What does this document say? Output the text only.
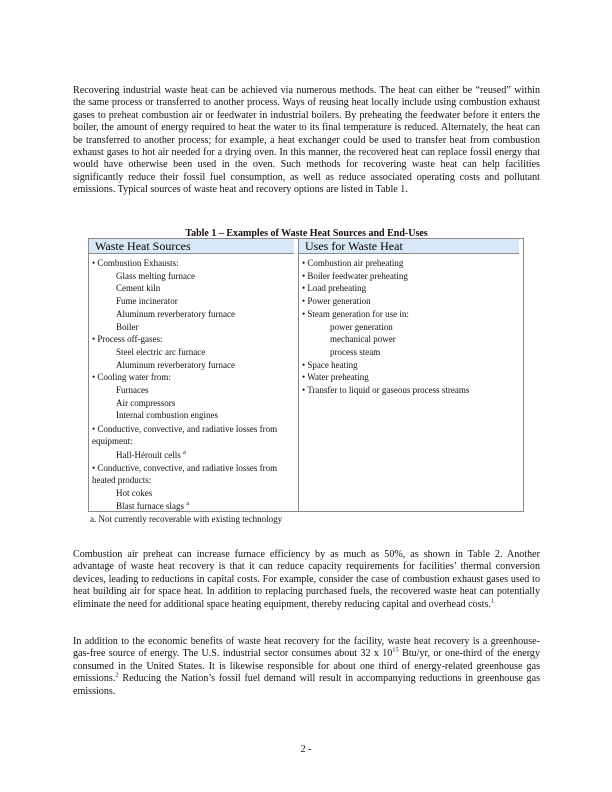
Recovering industrial waste heat can be achieved via numerous methods. The heat can either be “reused” within the same process or transferred to another process. Ways of reusing heat locally include using combustion exhaust gases to preheat combustion air or feedwater in industrial boilers. By preheating the feedwater before it enters the boiler, the amount of energy required to heat the water to its final temperature is reduced. Alternately, the heat can be transferred to another process; for example, a heat exchanger could be used to transfer heat from combustion exhaust gases to hot air needed for a drying oven. In this manner, the recovered heat can replace fossil energy that would have otherwise been used in the oven. Such methods for recovering waste heat can help facilities significantly reduce their fossil fuel consumption, as well as reduce associated operating costs and pollutant emissions. Typical sources of waste heat and recovery options are listed in Table 1.

Table 1 – Examples of Waste Heat Sources and End-Uses

Waste Heat Sources
• Combustion Exhausts:
Glass melting furnace
Cement kiln
Fume incinerator
Aluminum reverberatory furnace
Boiler
• Process off-gases:
Steel electric arc furnace
Aluminum reverberatory furnace
• Cooling water from:
Furnaces
Air compressors
Internal combustion engines
• Conductive, convective, and radiative losses from equipment:
Hall-Héroult cells $^a$
• Conductive, convective, and radiative losses from heated products:
Hot cokes
Blast furnace slags $^a$
Uses for Waste Heat
• Combustion air preheating
• Boiler feedwater preheating
• Load preheating
• Power generation
• Steam generation for use in:
power generation
mechanical power
process steam
• Space heating
• Water preheating
• Transfer to liquid or gaseous process streams

a. Not currently recoverable with existing technology

Combustion air preheat can increase furnace efficiency by as much as 50%, as shown in Table 2. Another advantage of waste heat recovery is that it can reduce capacity requirements for facilities’ thermal conversion devices, leading to reductions in capital costs. For example, consider the case of combustion exhaust gases used to heat building air for space heat. In addition to replacing purchased fuels, the recovered waste heat can potentially eliminate the need for additional space heating equipment, thereby reducing capital and overhead costs.$^1$

In addition to the economic benefits of waste heat recovery for the facility, waste heat recovery is a greenhouse-gas-free source of energy. The U.S. industrial sector consumes about 32 x $10^{15}$ Btu/yr, or one-third of the energy consumed in the United States. It is likewise responsible for about one third of energy-related greenhouse gas emissions.$^2$ Reducing the Nation’s fossil fuel demand will result in accompanying reductions in greenhouse gas emissions.

2 -
